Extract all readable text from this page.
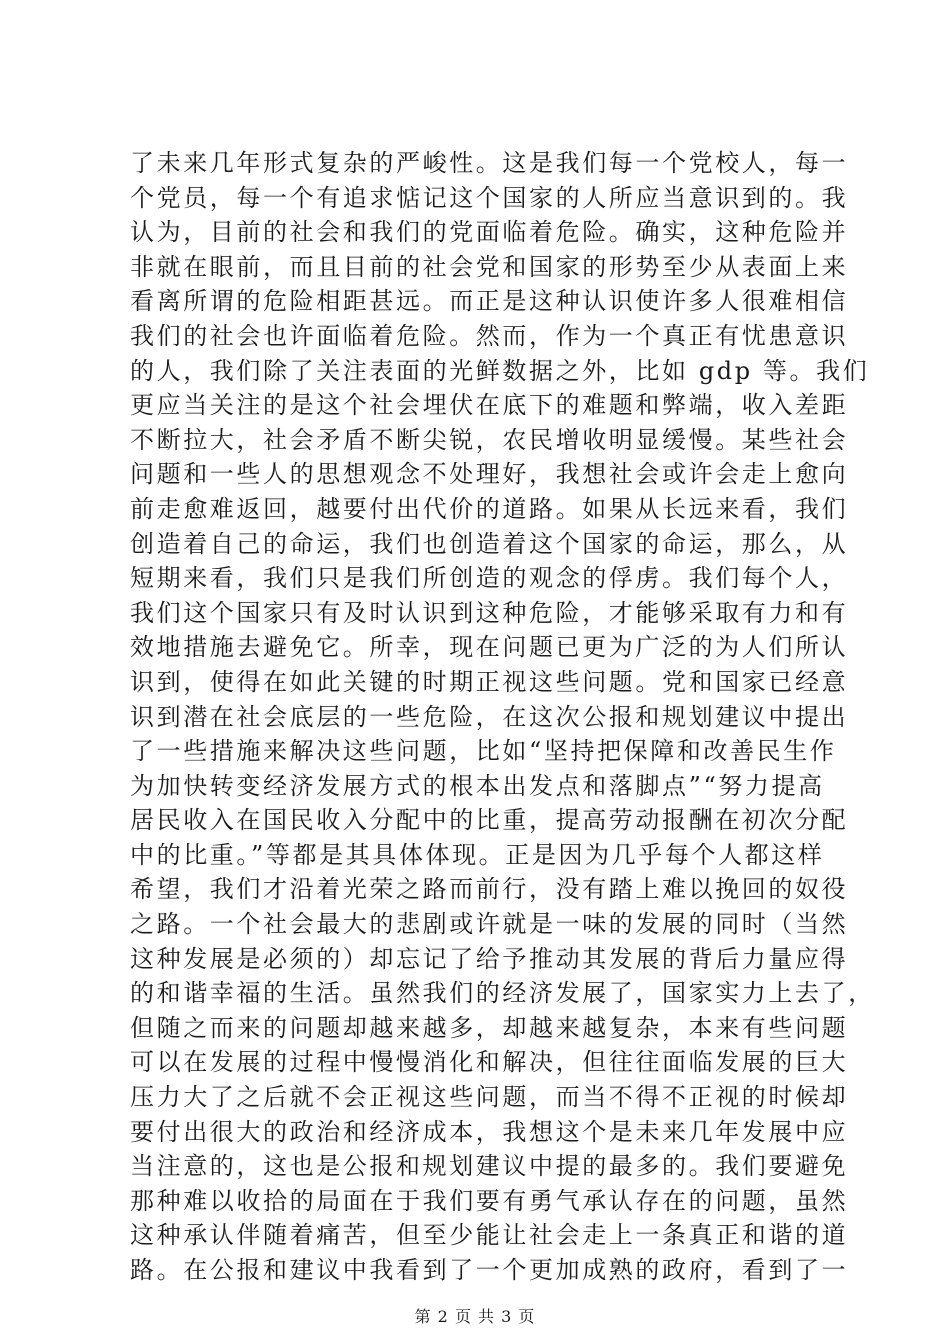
了未来几年形式复杂的严峻性。这是我们每一个党校人，每一
个党员，每一个有追求惦记这个国家的人所应当意识到的。我
认为，目前的社会和我们的党面临着危险。确实，这种危险并
非就在眼前，而且目前的社会党和国家的形势至少从表面上来
看离所谓的危险相距甚远。而正是这种认识使许多人很难相信
我们的社会也许面临着危险。然而，作为一个真正有忧患意识
的人，我们除了关注表面的光鲜数据之外，比如 gdp 等。我们
更应当关注的是这个社会埋伏在底下的难题和弊端，收入差距
不断拉大，社会矛盾不断尖锐，农民增收明显缓慢。某些社会
问题和一些人的思想观念不处理好，我想社会或许会走上愈向
前走愈难返回，越要付出代价的道路。如果从长远来看，我们
创造着自己的命运，我们也创造着这个国家的命运，那么，从
短期来看，我们只是我们所创造的观念的俘虏。我们每个人，
我们这个国家只有及时认识到这种危险，才能够采取有力和有
效地措施去避免它。所幸，现在问题已更为广泛的为人们所认
识到，使得在如此关键的时期正视这些问题。党和国家已经意
识到潜在社会底层的一些危险，在这次公报和规划建议中提出
了一些措施来解决这些问题，比如“坚持把保障和改善民生作
为加快转变经济发展方式的根本出发点和落脚点”“努力提高
居民收入在国民收入分配中的比重，提高劳动报酬在初次分配
中的比重。”等都是其具体体现。正是因为几乎每个人都这样
希望，我们才沿着光荣之路而前行，没有踏上难以挽回的奴役
之路。一个社会最大的悲剧或许就是一味的发展的同时（当然
这种发展是必须的）却忘记了给予推动其发展的背后力量应得
的和谐幸福的生活。虽然我们的经济发展了，国家实力上去了，
但随之而来的问题却越来越多，却越来越复杂，本来有些问题
可以在发展的过程中慢慢消化和解决，但往往面临发展的巨大
压力大了之后就不会正视这些问题，而当不得不正视的时候却
要付出很大的政治和经济成本，我想这个是未来几年发展中应
当注意的，这也是公报和规划建议中提的最多的。我们要避免
那种难以收拾的局面在于我们要有勇气承认存在的问题，虽然
这种承认伴随着痛苦，但至少能让社会走上一条真正和谐的道
路。在公报和建议中我看到了一个更加成熟的政府，看到了一
第 2 页 共 3 页
